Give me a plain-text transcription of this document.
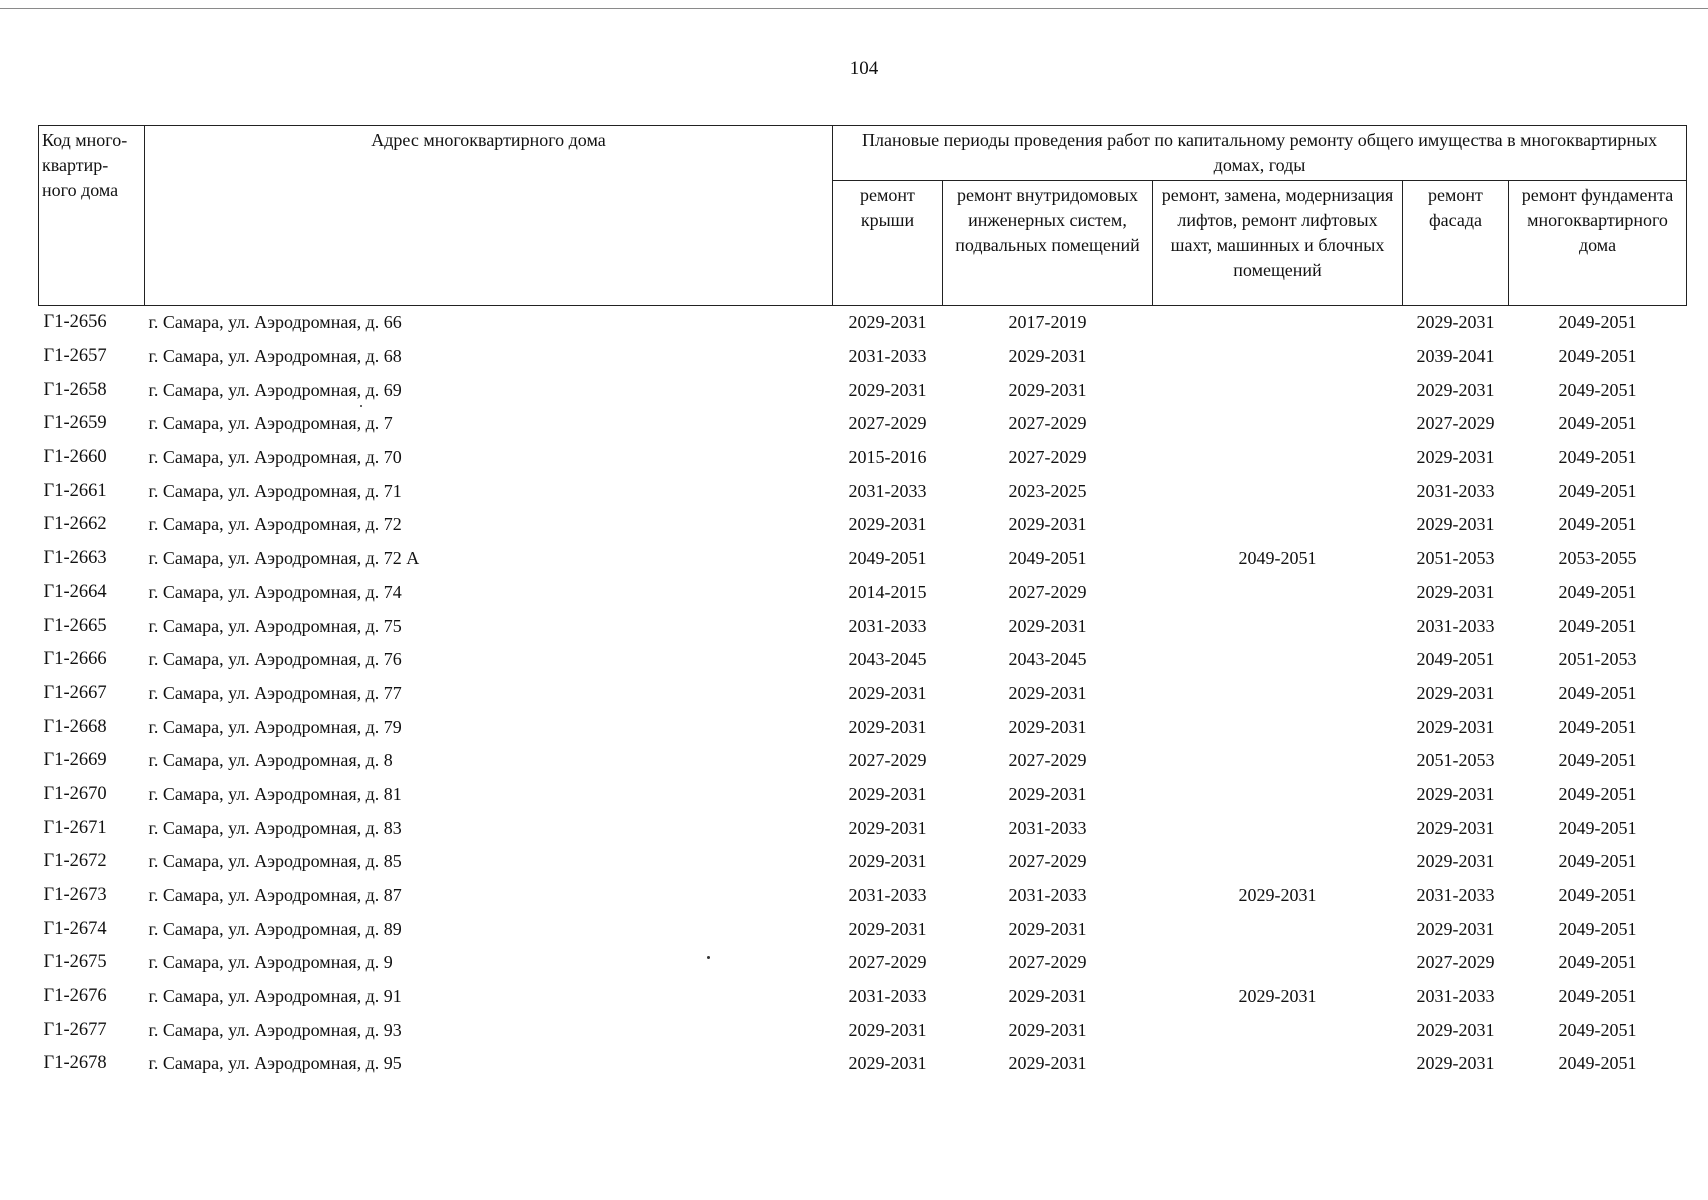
104
Код много-квартир-ного дома	Адрес многоквартирного дома	Плановые периоды проведения работ по капитальному ремонту общего имущества в многоквартирных домах, годы				
		ремонт крыши	ремонт внутридомовых инженерных систем, подвальных помещений	ремонт, замена, модернизация лифтов, ремонт лифтовых шахт, машинных и блочных помещений	ремонт фасада	ремонт фундамента многоквартирного дома
Г1-2656	г. Самара, ул. Аэродромная, д. 66	2029-2031	2017-2019		2029-2031	2049-2051
Г1-2657	г. Самара, ул. Аэродромная, д. 68	2031-2033	2029-2031		2039-2041	2049-2051
Г1-2658	г. Самара, ул. Аэродромная, д. 69	2029-2031	2029-2031		2029-2031	2049-2051
Г1-2659	г. Самара, ул. Аэродромная, д. 7	2027-2029	2027-2029		2027-2029	2049-2051
Г1-2660	г. Самара, ул. Аэродромная, д. 70	2015-2016	2027-2029		2029-2031	2049-2051
Г1-2661	г. Самара, ул. Аэродромная, д. 71	2031-2033	2023-2025		2031-2033	2049-2051
Г1-2662	г. Самара, ул. Аэродромная, д. 72	2029-2031	2029-2031		2029-2031	2049-2051
Г1-2663	г. Самара, ул. Аэродромная, д. 72 А	2049-2051	2049-2051	2049-2051	2051-2053	2053-2055
Г1-2664	г. Самара, ул. Аэродромная, д. 74	2014-2015	2027-2029		2029-2031	2049-2051
Г1-2665	г. Самара, ул. Аэродромная, д. 75	2031-2033	2029-2031		2031-2033	2049-2051
Г1-2666	г. Самара, ул. Аэродромная, д. 76	2043-2045	2043-2045		2049-2051	2051-2053
Г1-2667	г. Самара, ул. Аэродромная, д. 77	2029-2031	2029-2031		2029-2031	2049-2051
Г1-2668	г. Самара, ул. Аэродромная, д. 79	2029-2031	2029-2031		2029-2031	2049-2051
Г1-2669	г. Самара, ул. Аэродромная, д. 8	2027-2029	2027-2029		2051-2053	2049-2051
Г1-2670	г. Самара, ул. Аэродромная, д. 81	2029-2031	2029-2031		2029-2031	2049-2051
Г1-2671	г. Самара, ул. Аэродромная, д. 83	2029-2031	2031-2033		2029-2031	2049-2051
Г1-2672	г. Самара, ул. Аэродромная, д. 85	2029-2031	2027-2029		2029-2031	2049-2051
Г1-2673	г. Самара, ул. Аэродромная, д. 87	2031-2033	2031-2033	2029-2031	2031-2033	2049-2051
Г1-2674	г. Самара, ул. Аэродромная, д. 89	2029-2031	2029-2031		2029-2031	2049-2051
Г1-2675	г. Самара, ул. Аэродромная, д. 9	2027-2029	2027-2029		2027-2029	2049-2051
Г1-2676	г. Самара, ул. Аэродромная, д. 91	2031-2033	2029-2031	2029-2031	2031-2033	2049-2051
Г1-2677	г. Самара, ул. Аэродромная, д. 93	2029-2031	2029-2031		2029-2031	2049-2051
Г1-2678	г. Самара, ул. Аэродромная, д. 95	2029-2031	2029-2031		2029-2031	2049-2051
